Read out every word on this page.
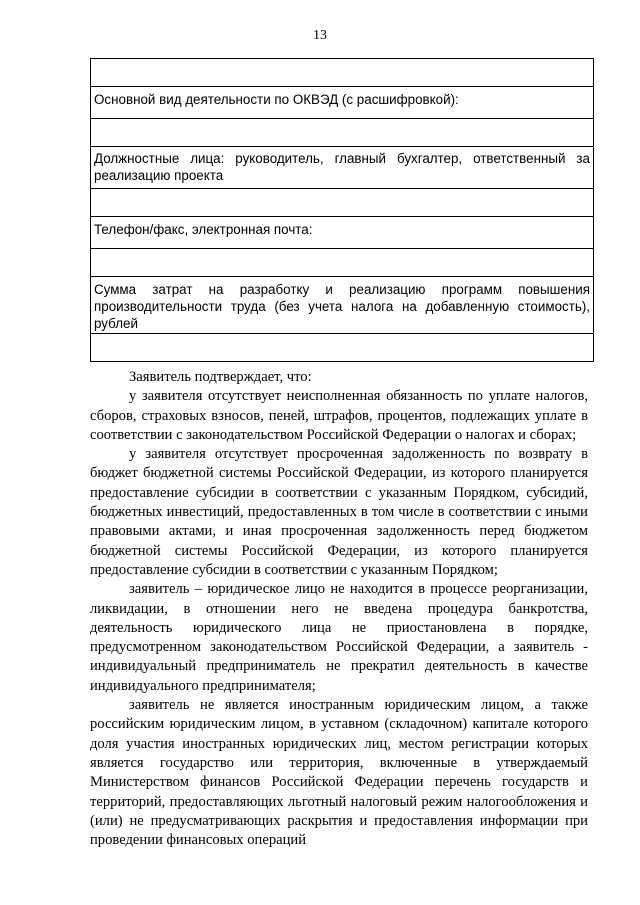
13

Основной вид деятельности по ОКВЭД (с расшифровкой):

Должностные лица: руководитель, главный бухгалтер, ответственный за реализацию проекта

Телефон/факс, электронная почта:

Сумма затрат на разработку и реализацию программ повышения производительности труда (без учета налога на добавленную стоимость), рублей

Заявитель подтверждает, что:

у заявителя отсутствует неисполненная обязанность по уплате налогов, сборов, страховых взносов, пеней, штрафов, процентов, подлежащих уплате в соответствии с законодательством Российской Федерации о налогах и сборах;

у заявителя отсутствует просроченная задолженность по возврату в бюджет бюджетной системы Российской Федерации, из которого планируется предоставление субсидии в соответствии с указанным Порядком, субсидий, бюджетных инвестиций, предоставленных в том числе в соответствии с иными правовыми актами, и иная просроченная задолженность перед бюджетом бюджетной системы Российской Федерации, из которого планируется предоставление субсидии в соответствии с указанным Порядком;

заявитель – юридическое лицо не находится в процессе реорганизации, ликвидации, в отношении него не введена процедура банкротства, деятельность юридического лица не приостановлена в порядке, предусмотренном законодательством Российской Федерации, а заявитель - индивидуальный предприниматель не прекратил деятельность в качестве индивидуального предпринимателя;

заявитель не является иностранным юридическим лицом, а также российским юридическим лицом, в уставном (складочном) капитале которого доля участия иностранных юридических лиц, местом регистрации которых является государство или территория, включенные в утверждаемый Министерством финансов Российской Федерации перечень государств и территорий, предоставляющих льготный налоговый режим налогообложения и (или) не предусматривающих раскрытия и предоставления информации при проведении финансовых операций
